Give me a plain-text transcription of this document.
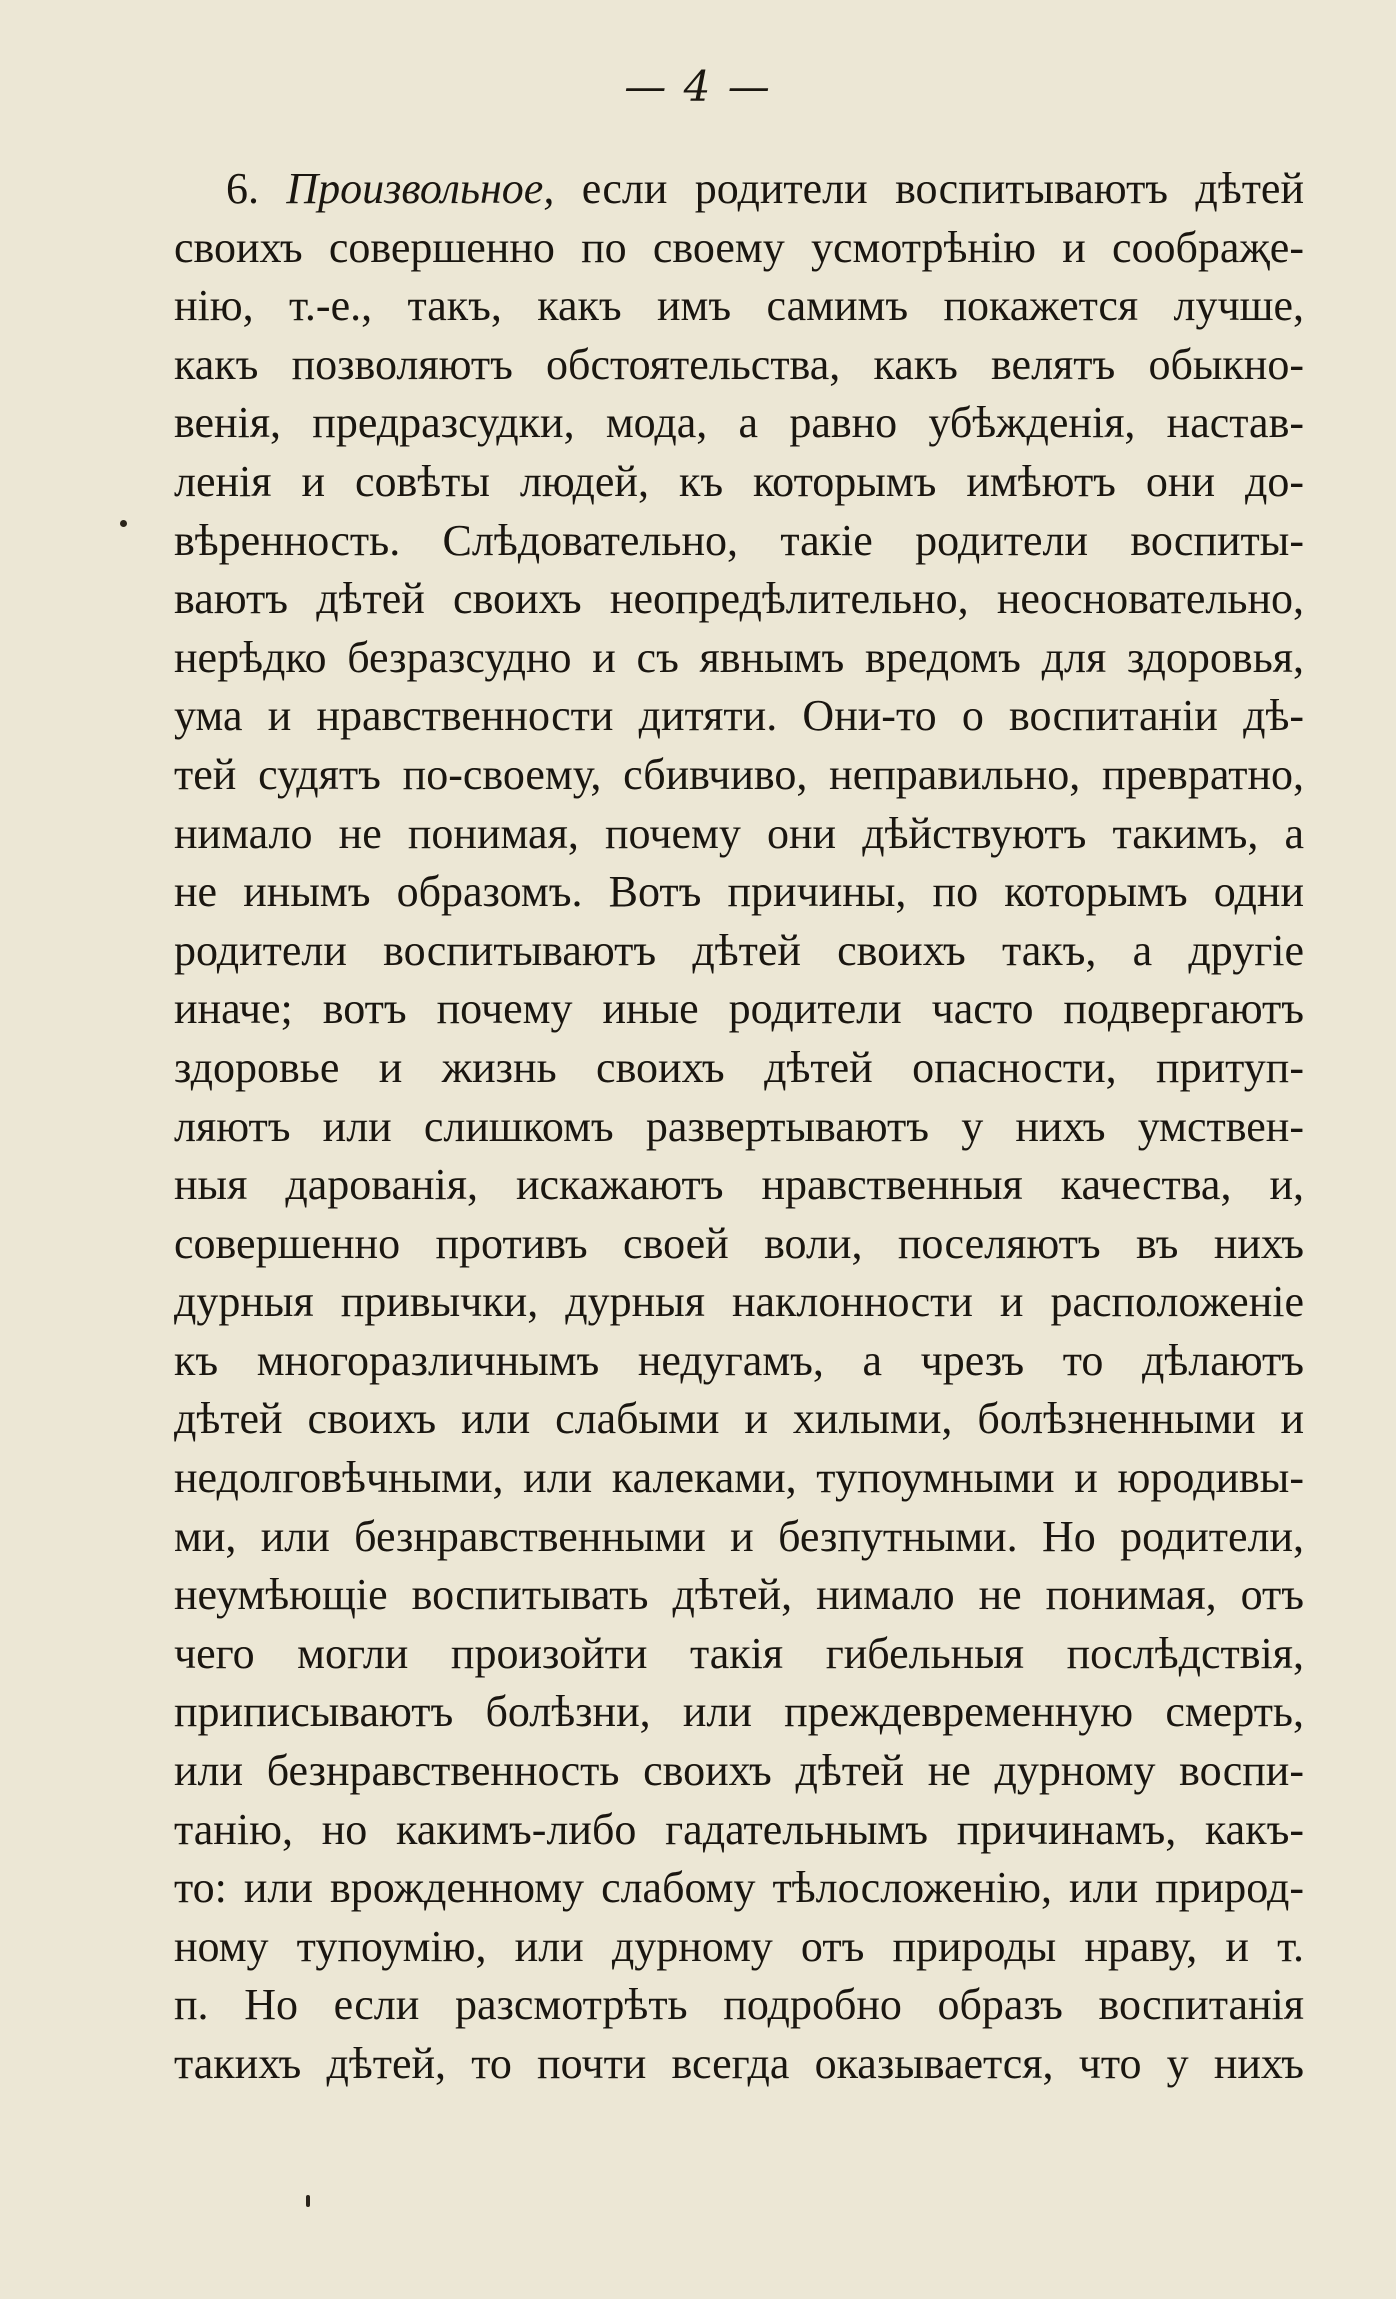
— 4 —
6. Произвольное, если родители воспитываютъ дѣтей
своихъ совершенно по своему усмотрѣнію и сообраҗе-
нію, т.-е., такъ, какъ имъ самимъ покажется лучше,
какъ позволяютъ обстоятельства, какъ велятъ обыкно-
венія, предразсудки, мода, а равно убѣжденія, настав-
ленія и совѣты людей, къ которымъ имѣютъ они до-
вѣренность. Слѣдовательно, такіе родители воспиты-
ваютъ дѣтей своихъ неопредѣлительно, неосновательно,
нерѣдко безразсудно и съ явнымъ вредомъ для здоровья,
ума и нравственности дитяти. Они-то о воспитаніи дѣ-
тей судятъ по-своему, сбивчиво, неправильно, превратно,
нимало не понимая, почему они дѣйствуютъ такимъ, а
не инымъ образомъ. Вотъ причины, по которымъ одни
родители воспитываютъ дѣтей своихъ такъ, а другіе
иначе; вотъ почему иные родители часто подвергаютъ
здоровье и жизнь своихъ дѣтей опасности, притуп-
ляютъ или слишкомъ развертываютъ у нихъ умствен-
ныя дарованія, искажаютъ нравственныя качества, и,
совершенно противъ своей воли, поселяютъ въ нихъ
дурныя привычки, дурныя наклонности и расположеніе
къ многоразличнымъ недугамъ, а чрезъ то дѣлаютъ
дѣтей своихъ или слабыми и хилыми, болѣзненными и
недолговѣчными, или калеками, тупоумными и юродивы-
ми, или безнравственными и безпутными. Но родители,
неумѣющіе воспитывать дѣтей, нимало не понимая, отъ
чего могли произойти такія гибельныя послѣдствія,
приписываютъ болѣзни, или преждевременную смерть,
или безнравственность своихъ дѣтей не дурному воспи-
танію, но какимъ-либо гадательнымъ причинамъ, какъ-
то: или врожденному слабому тѣлосложенію, или природ-
ному тупоумію, или дурному отъ природы нраву, и т.
п. Но если разсмотрѣть подробно образъ воспитанія
такихъ дѣтей, то почти всегда оказывается, что у нихъ
